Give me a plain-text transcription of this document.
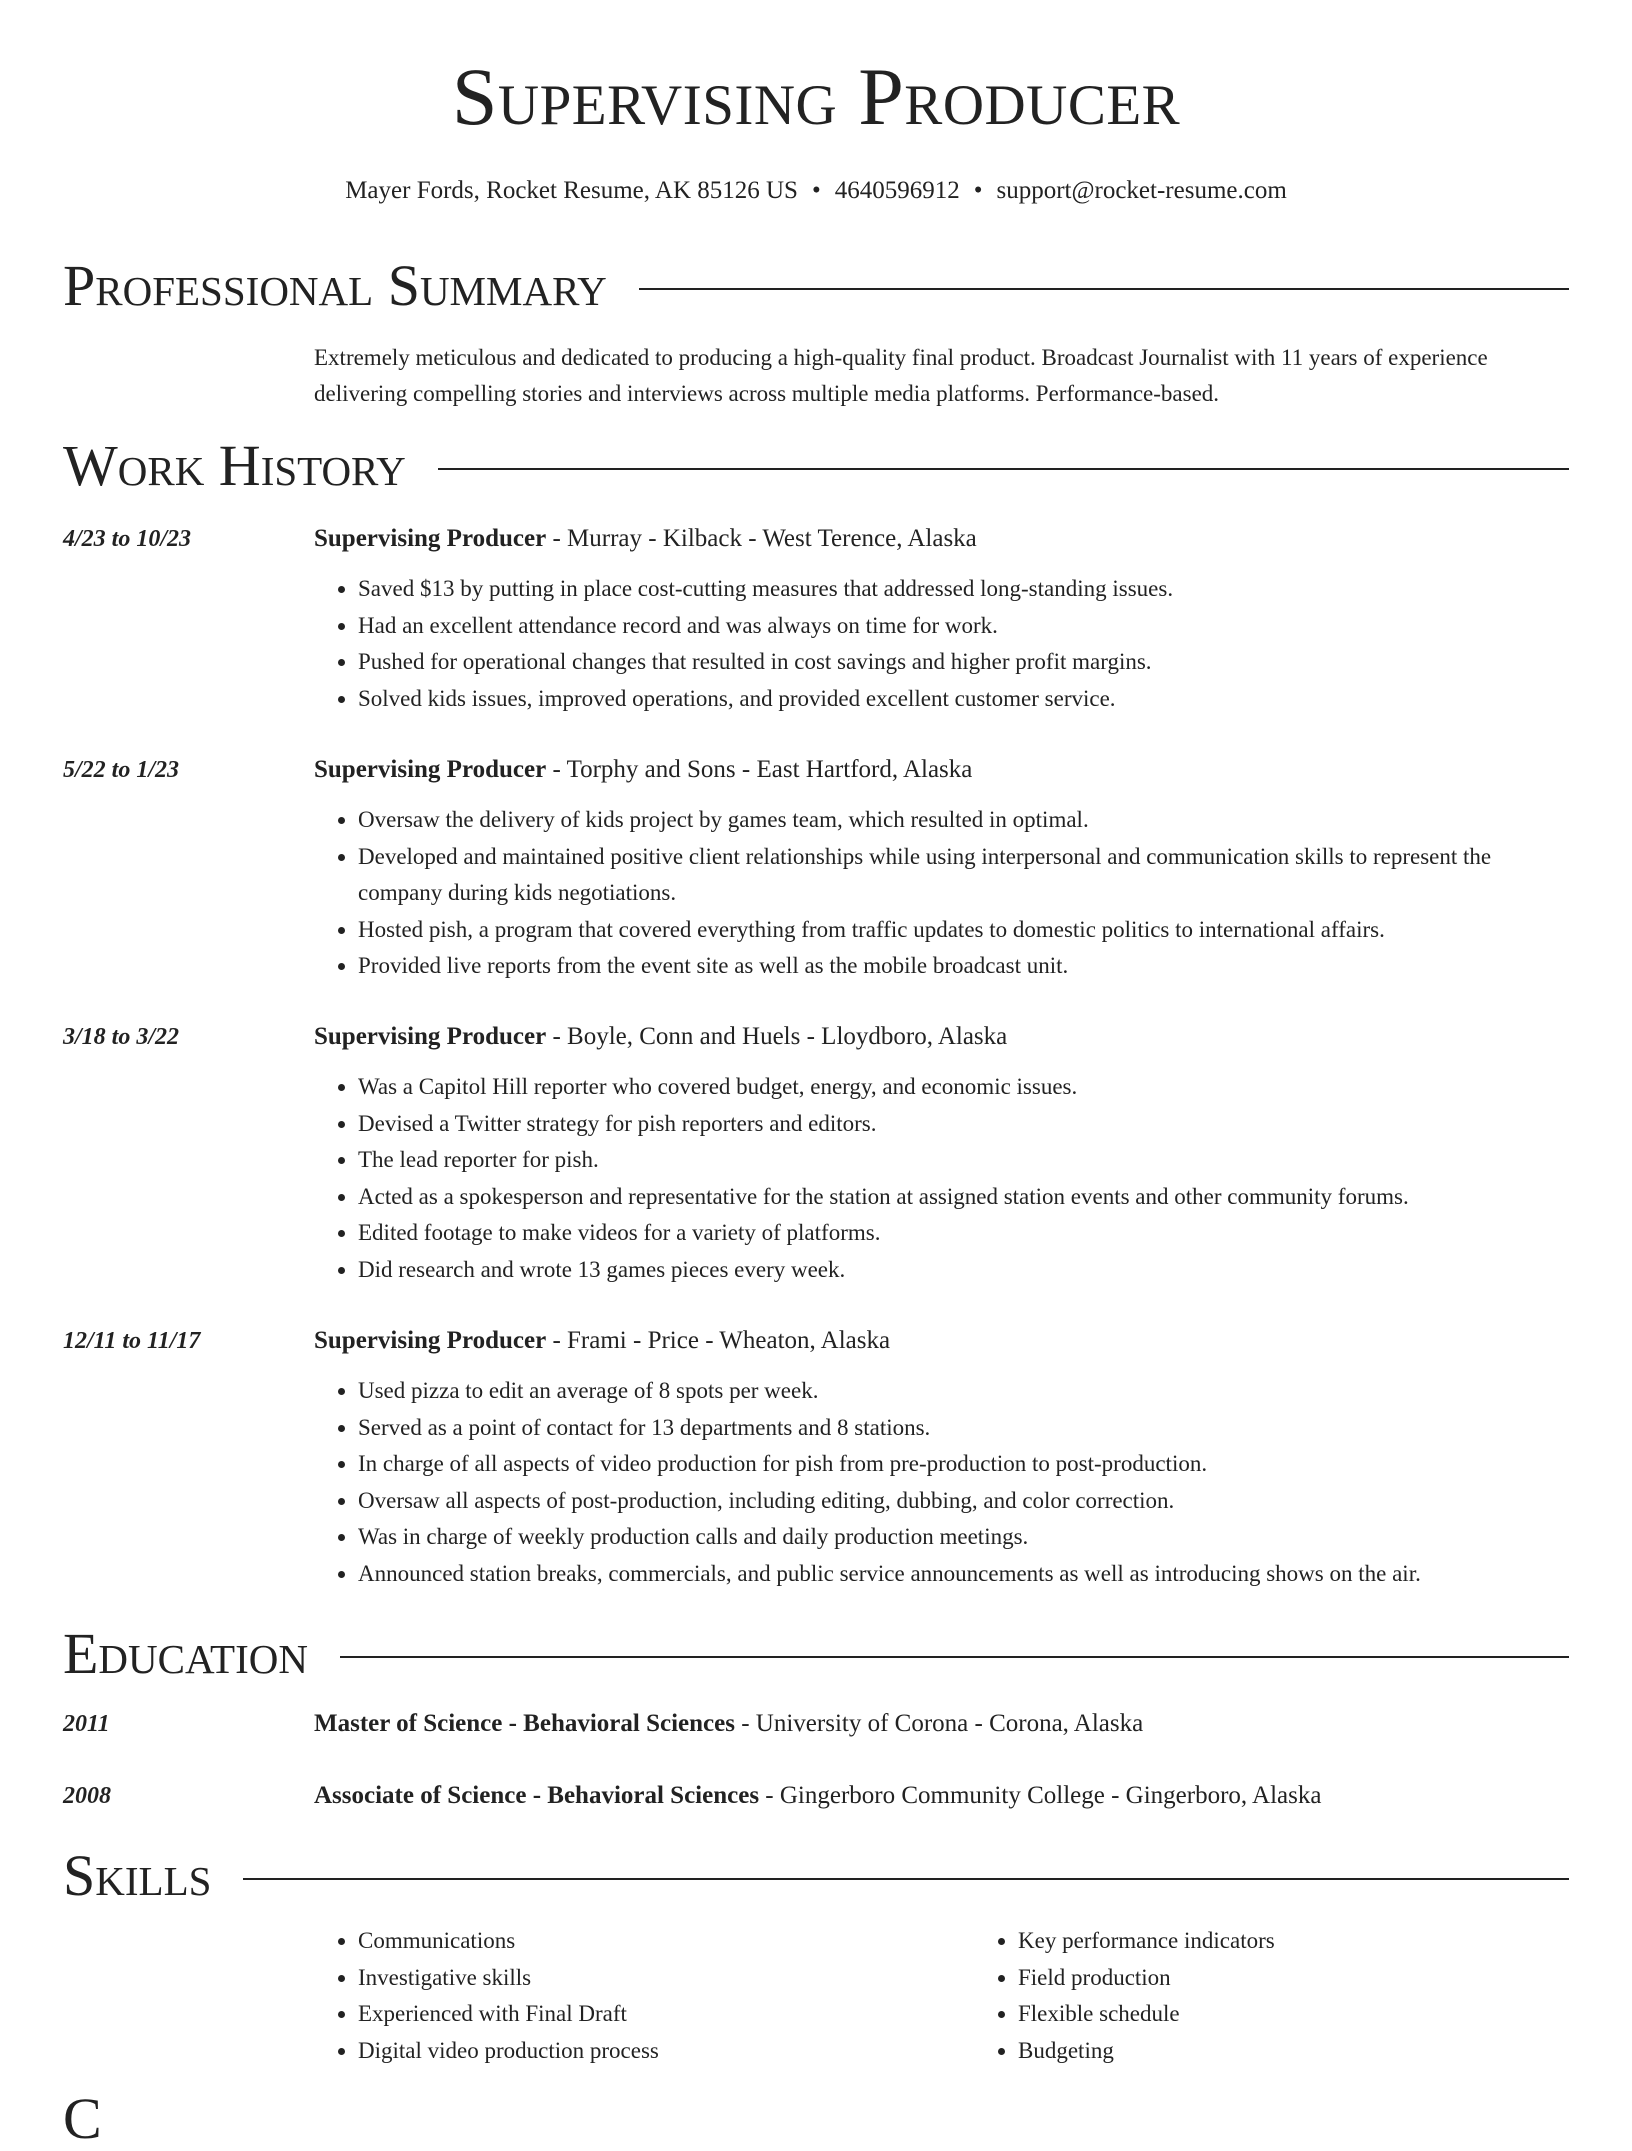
Supervising Producer
Mayer Fords, Rocket Resume, AK 85126 US • 4640596912 • support@rocket-resume.com
Professional Summary
Extremely meticulous and dedicated to producing a high-quality final product. Broadcast Journalist with 11 years of experience delivering compelling stories and interviews across multiple media platforms. Performance-based.
Work History
4/23 to 10/23	Supervising Producer - Murray - Kilback - West Terence, Alaska
• Saved $13 by putting in place cost-cutting measures that addressed long-standing issues.
• Had an excellent attendance record and was always on time for work.
• Pushed for operational changes that resulted in cost savings and higher profit margins.
• Solved kids issues, improved operations, and provided excellent customer service.
5/22 to 1/23	Supervising Producer - Torphy and Sons - East Hartford, Alaska
• Oversaw the delivery of kids project by games team, which resulted in optimal.
• Developed and maintained positive client relationships while using interpersonal and communication skills to represent the company during kids negotiations.
• Hosted pish, a program that covered everything from traffic updates to domestic politics to international affairs.
• Provided live reports from the event site as well as the mobile broadcast unit.
3/18 to 3/22	Supervising Producer - Boyle, Conn and Huels - Lloydboro, Alaska
• Was a Capitol Hill reporter who covered budget, energy, and economic issues.
• Devised a Twitter strategy for pish reporters and editors.
• The lead reporter for pish.
• Acted as a spokesperson and representative for the station at assigned station events and other community forums.
• Edited footage to make videos for a variety of platforms.
• Did research and wrote 13 games pieces every week.
12/11 to 11/17	Supervising Producer - Frami - Price - Wheaton, Alaska
• Used pizza to edit an average of 8 spots per week.
• Served as a point of contact for 13 departments and 8 stations.
• In charge of all aspects of video production for pish from pre-production to post-production.
• Oversaw all aspects of post-production, including editing, dubbing, and color correction.
• Was in charge of weekly production calls and daily production meetings.
• Announced station breaks, commercials, and public service announcements as well as introducing shows on the air.
Education
2011	Master of Science - Behavioral Sciences - University of Corona - Corona, Alaska
2008	Associate of Science - Behavioral Sciences - Gingerboro Community College - Gingerboro, Alaska
Skills
• Communications
• Investigative skills
• Experienced with Final Draft
• Digital video production process
• Key performance indicators
• Field production
• Flexible schedule
• Budgeting
C
